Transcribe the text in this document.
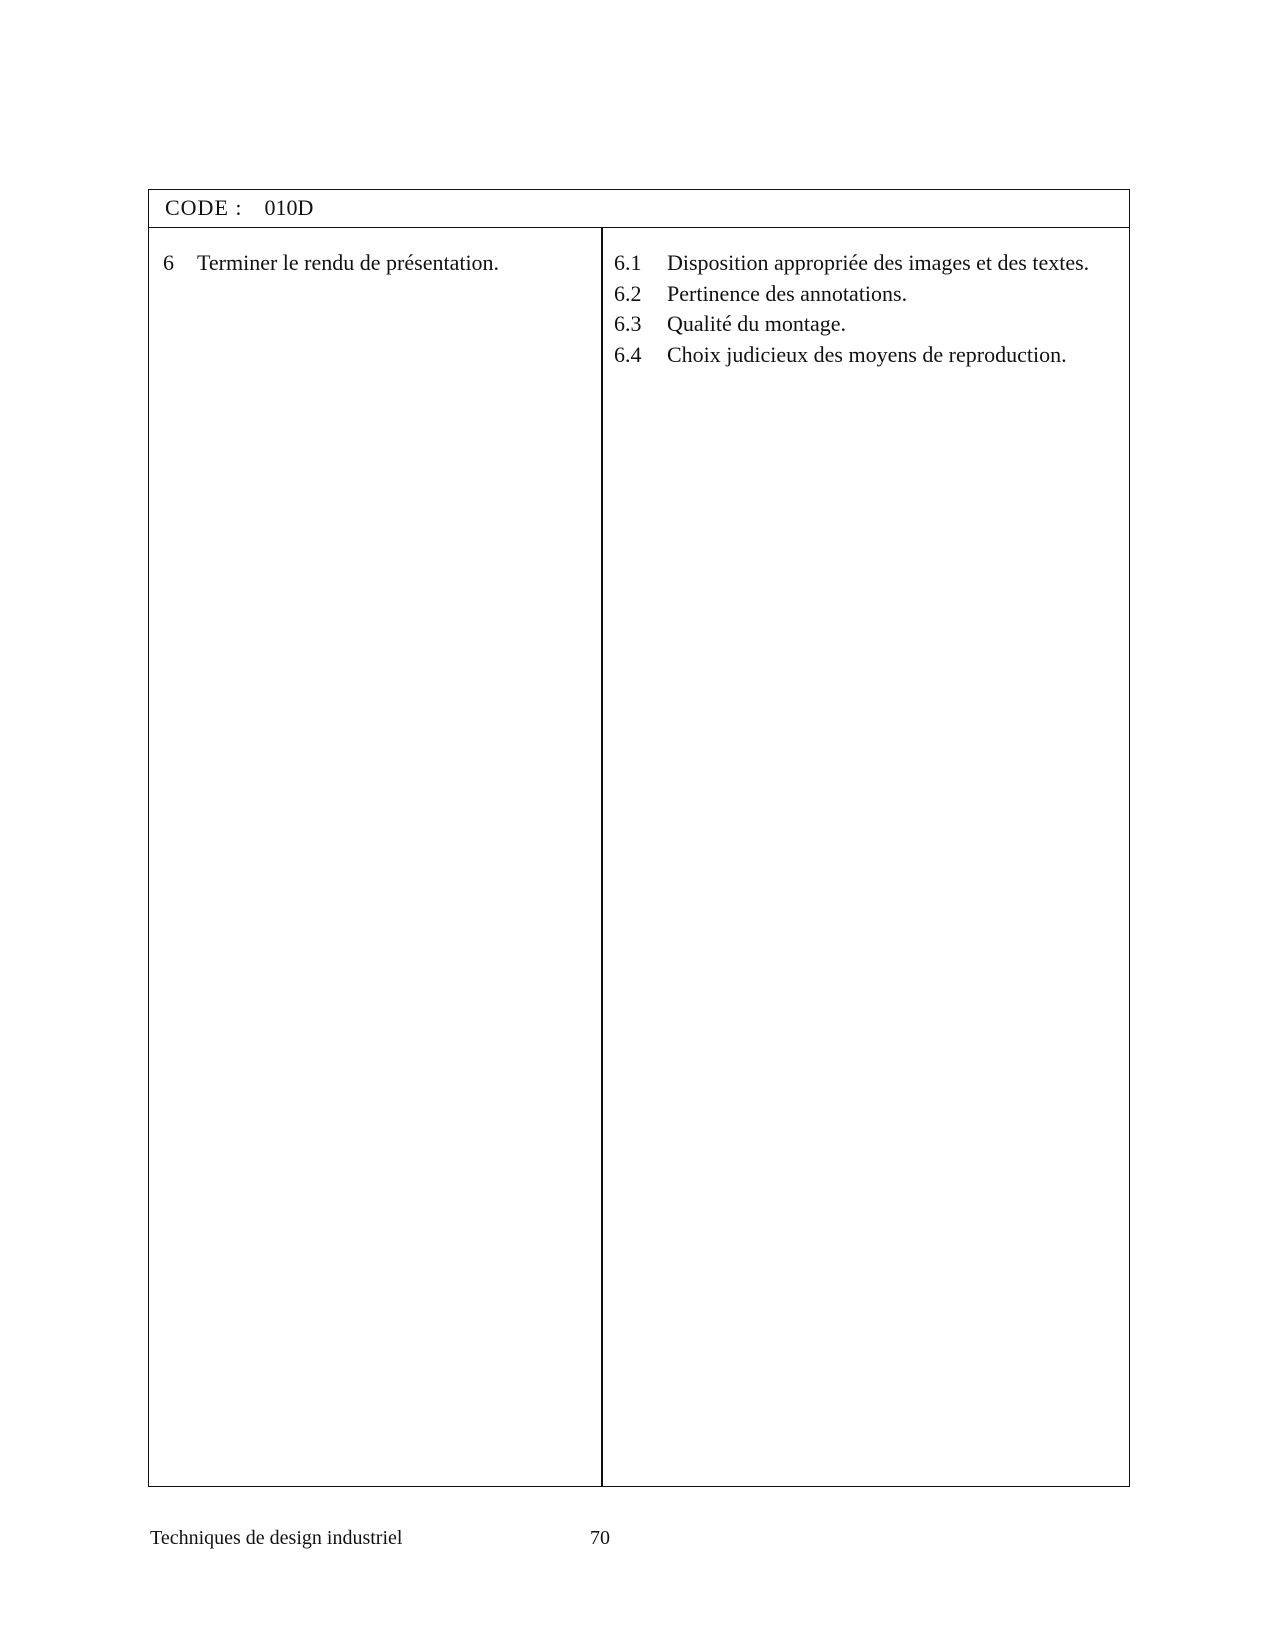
CODE : 010D
6 Terminer le rendu de présentation.	6.1 Disposition appropriée des images et des textes.
6.2 Pertinence des annotations.
6.3 Qualité du montage.
6.4 Choix judicieux des moyens de reproduction.
Techniques de design industriel	70
